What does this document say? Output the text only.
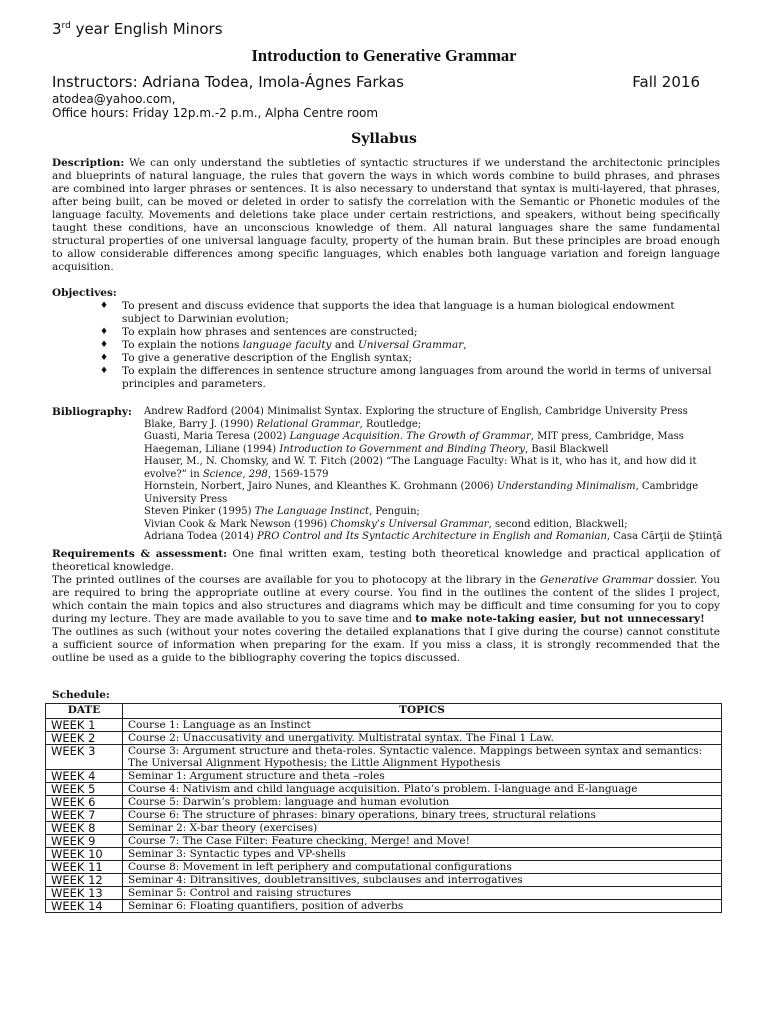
3rd year English Minors
Introduction to Generative Grammar
Instructors: Adriana Todea, Imola-Ágnes Farkas	Fall 2016
atodea@yahoo.com,
Office hours: Friday 12p.m.-2 p.m., Alpha Centre room
Syllabus
Description: We can only understand the subtleties of syntactic structures if we understand the architectonic principles and blueprints of natural language, the rules that govern the ways in which words combine to build phrases, and phrases are combined into larger phrases or sentences. It is also necessary to understand that syntax is multi-layered, that phrases, after being built, can be moved or deleted in order to satisfy the correlation with the Semantic or Phonetic modules of the language faculty. Movements and deletions take place under certain restrictions, and speakers, without being specifically taught these conditions, have an unconscious knowledge of them. All natural languages share the same fundamental structural properties of one universal language faculty, property of the human brain. But these principles are broad enough to allow considerable differences among specific languages, which enables both language variation and foreign language acquisition.
Objectives:
♦ To present and discuss evidence that supports the idea that language is a human biological endowment subject to Darwinian evolution;
♦ To explain how phrases and sentences are constructed;
♦ To explain the notions language faculty and Universal Grammar,
♦ To give a generative description of the English syntax;
♦ To explain the differences in sentence structure among languages from around the world in terms of universal principles and parameters.
Bibliography: Andrew Radford (2004) Minimalist Syntax. Exploring the structure of English, Cambridge University Press
Blake, Barry J. (1990) Relational Grammar, Routledge;
Guasti, Maria Teresa (2002) Language Acquisition. The Growth of Grammar, MIT press, Cambridge, Mass
Haegeman, Liliane (1994) Introduction to Government and Binding Theory, Basil Blackwell
Hauser, M., N. Chomsky, and W. T. Fitch (2002) “The Language Faculty: What is it, who has it, and how did it evolve?” in Science, 298, 1569-1579
Hornstein, Norbert, Jairo Nunes, and Kleanthes K. Grohmann (2006) Understanding Minimalism, Cambridge University Press
Steven Pinker (1995) The Language Instinct, Penguin;
Vivian Cook & Mark Newson (1996) Chomsky’s Universal Grammar, second edition, Blackwell;
Adriana Todea (2014) PRO Control and Its Syntactic Architecture in English and Romanian, Casa Cărţii de Ştiinţă

Requirements & assessment: One final written exam, testing both theoretical knowledge and practical application of theoretical knowledge.

The printed outlines of the courses are available for you to photocopy at the library in the Generative Grammar dossier. You are required to bring the appropriate outline at every course. You find in the outlines the content of the slides I project, which contain the main topics and also structures and diagrams which may be difficult and time consuming for you to copy during my lecture. They are made available to you to save time and to make note-taking easier, but not unnecessary!

The outlines as such (without your notes covering the detailed explanations that I give during the course) cannot constitute a sufficient source of information when preparing for the exam. If you miss a class, it is strongly recommended that the outline be used as a guide to the bibliography covering the topics discussed.

Schedule:
DATE	TOPICS
WEEK 1	Course 1: Language as an Instinct
WEEK 2	Course 2: Unaccusativity and unergativity. Multistratal syntax. The Final 1 Law.
WEEK 3	Course 3: Argument structure and theta-roles. Syntactic valence. Mappings between syntax and semantics: The Universal Alignment Hypothesis; the Little Alignment Hypothesis
WEEK 4	Seminar 1: Argument structure and theta –roles
WEEK 5	Course 4: Nativism and child language acquisition. Plato’s problem. I-language and E-language
WEEK 6	Course 5: Darwin’s problem: language and human evolution
WEEK 7	Course 6: The structure of phrases: binary operations, binary trees, structural relations
WEEK 8	Seminar 2: X-bar theory (exercises)
WEEK 9	Course 7: The Case Filter: Feature checking, Merge! and Move!
WEEK 10	Seminar 3: Syntactic types and VP-shells
WEEK 11	Course 8: Movement in left periphery and computational configurations
WEEK 12	Seminar 4: Ditransitives, doubletransitives, subclauses and interrogatives
WEEK 13	Seminar 5: Control and raising structures
WEEK 14	Seminar 6: Floating quantifiers, position of adverbs
